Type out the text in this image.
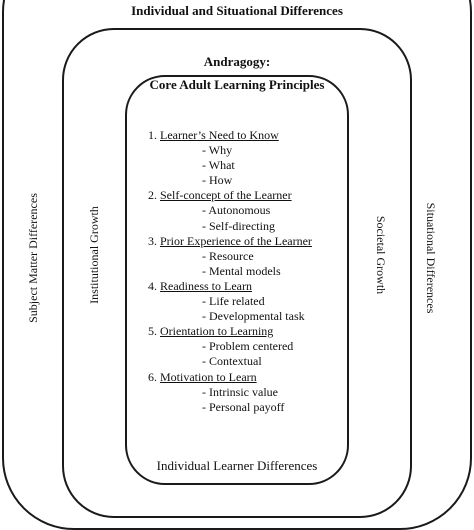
Individual and Situational Differences
Individual Learner Differences
Subject Matter Differences	Situational Differences
Institutional Growth	Societal Growth
Andragogy:
Core Adult Learning Principles
1. Learner’s Need to Know
- Why
- What
- How
2. Self-concept of the Learner
- Autonomous
- Self-directing
3. Prior Experience of the Learner
- Resource
- Mental models
4. Readiness to Learn
- Life related
- Developmental task
5. Orientation to Learning
- Problem centered
- Contextual
6. Motivation to Learn
- Intrinsic value
- Personal payoff
